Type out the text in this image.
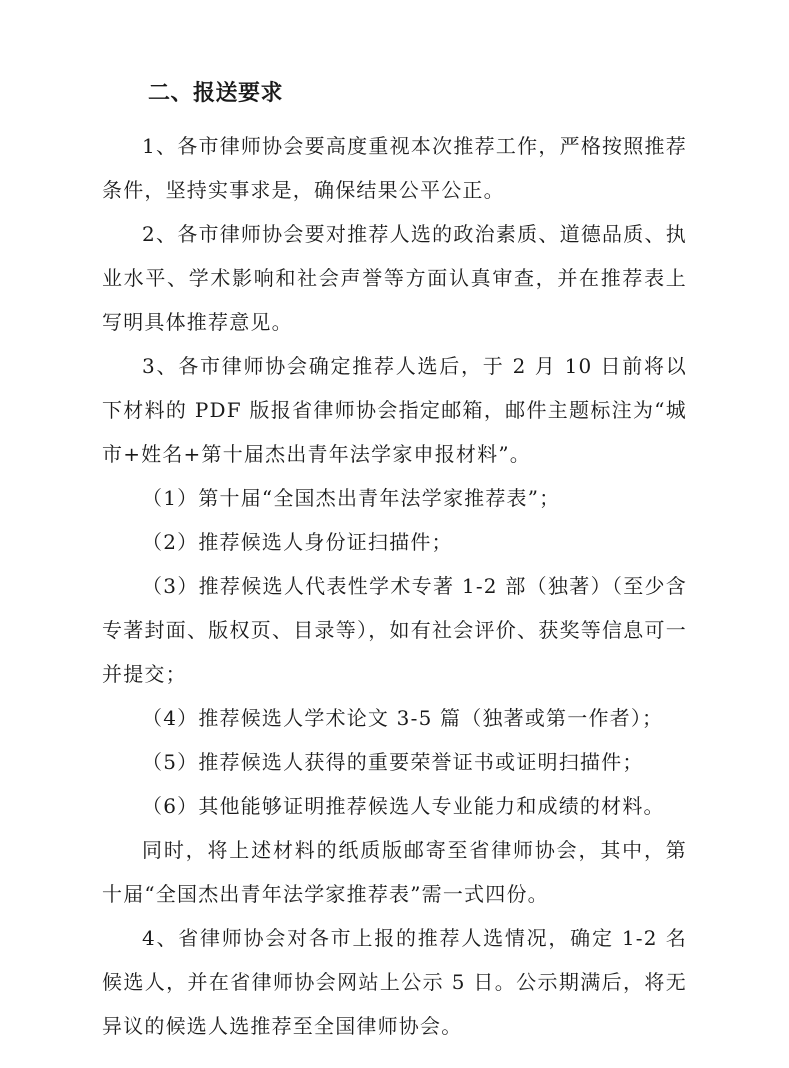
二、报送要求

1、各市律师协会要高度重视本次推荐工作，严格按照推荐条件，坚持实事求是，确保结果公平公正。

2、各市律师协会要对推荐人选的政治素质、道德品质、执业水平、学术影响和社会声誉等方面认真审查，并在推荐表上写明具体推荐意见。

3、各市律师协会确定推荐人选后，于 2 月 10 日前将以下材料的 PDF 版报省律师协会指定邮箱，邮件主题标注为“城市+姓名+第十届杰出青年法学家申报材料”。

（1）第十届“全国杰出青年法学家推荐表”；

（2）推荐候选人身份证扫描件；

（3）推荐候选人代表性学术专著 1-2 部（独著）（至少含专著封面、版权页、目录等），如有社会评价、获奖等信息可一并提交；

（4）推荐候选人学术论文 3-5 篇（独著或第一作者）；

（5）推荐候选人获得的重要荣誉证书或证明扫描件；

（6）其他能够证明推荐候选人专业能力和成绩的材料。

同时，将上述材料的纸质版邮寄至省律师协会，其中，第十届“全国杰出青年法学家推荐表”需一式四份。

4、省律师协会对各市上报的推荐人选情况，确定 1-2 名候选人，并在省律师协会网站上公示 5 日。公示期满后，将无异议的候选人选推荐至全国律师协会。
